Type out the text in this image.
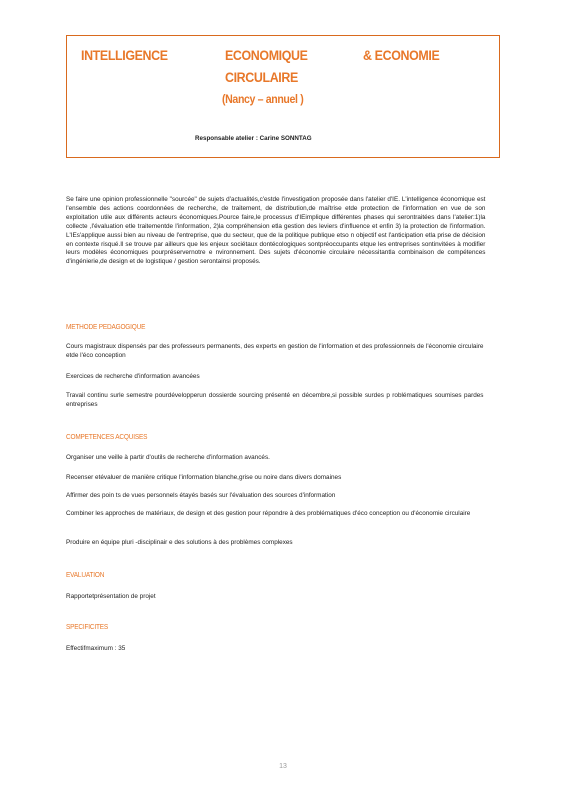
INTELLIGENCE	ECONOMIQUE	& ECONOMIE
CIRCULAIRE
(Nancy – annuel )
Responsable atelier : Carine SONNTAG
Se faire une opinion professionnelle "sourcée" de sujets d'actualités,c'estde l'investigation proposée dans l'atelier d'IE. L'intelligence économique est l'ensemble des actions coordonnées de recherche, de traitement, de distribution,de maîtrise etde protection de l'information en vue de son exploitation utile aux différents acteurs économiques.Pource faire,le processus d'IEimplique différentes phases qui serontraitées dans l'atelier:1)la collecte ,l'évaluation etle traitementde l'information, 2)la compréhension etla gestion des leviers d'influence et enfin 3) la protection de l'information. L'IEs'applique aussi bien au niveau de l'entreprise, que du secteur, que de la politique publique etso n objectif est l'anticipation etla prise de décision en contexte risqué.Il se trouve par ailleurs que les enjeux sociétaux dontécologiques sontpréoccupants etque les entreprises sontinvitées à modifier leurs modèles économiques pourpréservernotre e nvironnement. Des sujets d'économie circulaire nécessitantla combinaison de compétences d'ingénierie,de design et de logistique / gestion serontainsi proposés.
METHODE PEDAGOGIQUE
Cours magistraux dispensés par des professeurs permanents, des experts en gestion de l'information et des professionnels de l'économie circulaire etde l'éco conception
Exercices de recherche d'information avancées
Travail continu surle semestre pourdévelopperun dossierde sourcing présenté en décembre,si possible surdes p roblématiques soumises pardes entreprises
COMPETENCES ACQUISES
Organiser une veille à partir d'outils de recherche d'information avancés.
Recenser etévaluer de manière critique l'information blanche,grise ou noire dans divers domaines
Affirmer des poin ts de vues personnels étayés basés sur l'évaluation des sources d'information
Combiner les approches de matériaux, de design et des gestion pour répondre à des problématiques d'éco conception ou d'économie circulaire
Produire en équipe pluri -disciplinair e des solutions à des problèmes complexes
EVALUATION
Rapportetprésentation de projet
SPECIFICITES
Effectifmaximum : 35
13
